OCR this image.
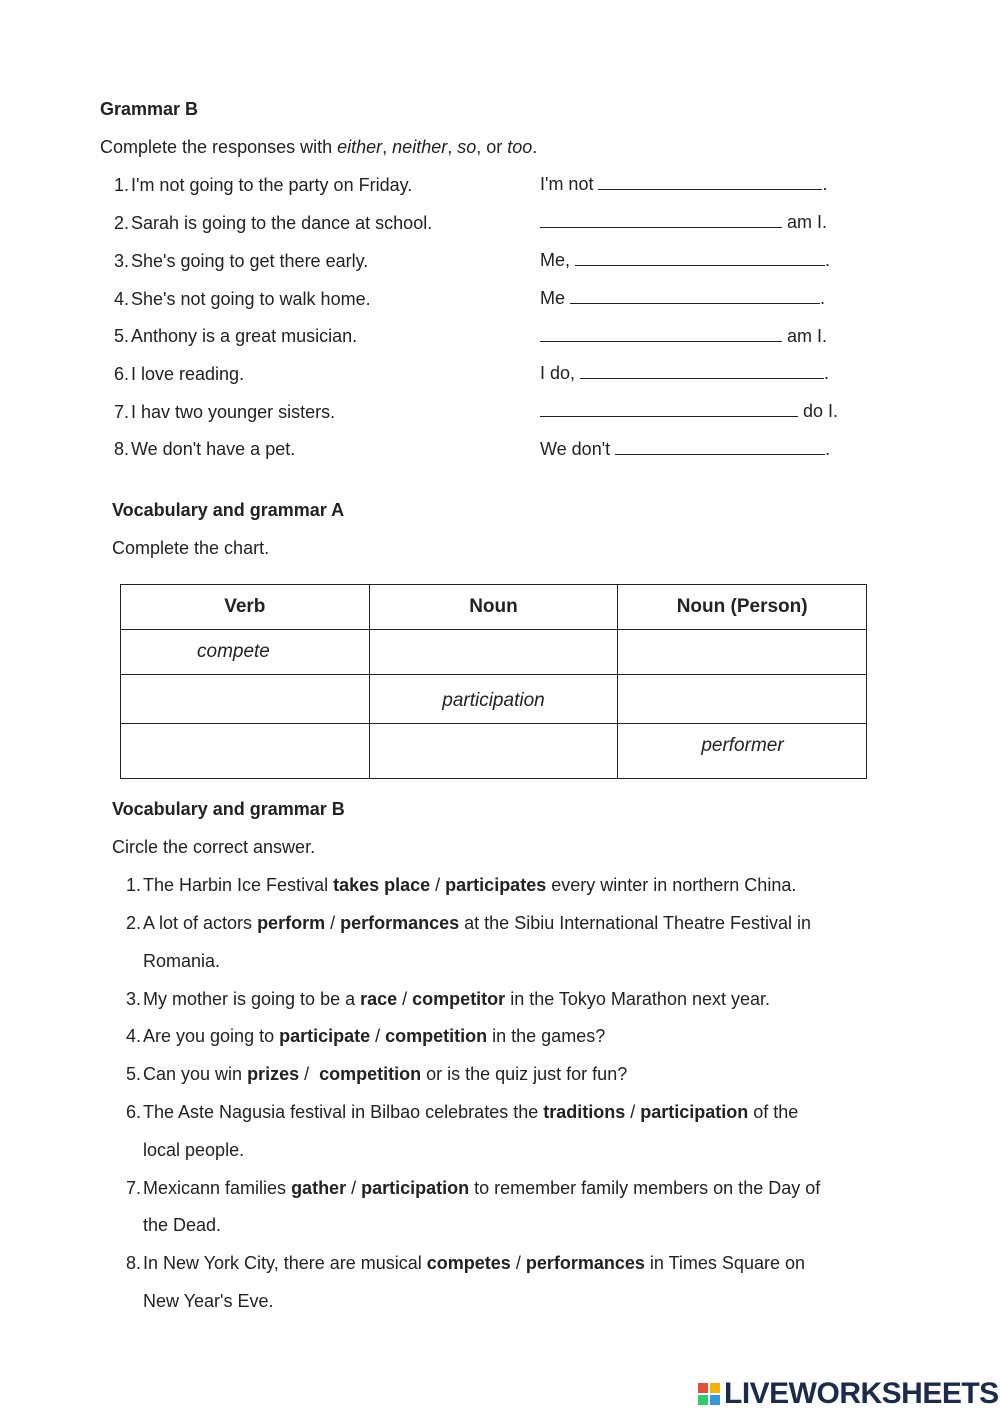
Grammar B
Complete the responses with either, neither, so, or too.
1. I'm not going to the party on Friday.	I'm not	.
2. Sarah is going to the dance at school.	am I.
3. She's going to get there early.	Me,	.
4. She's not going to walk home.	Me	.
5. Anthony is a great musician.	am I.
6. I love reading.	I do,	.
7. I hav two younger sisters.	do I.
8. We don't have a pet.	We don't	.
Vocabulary and grammar A
Complete the chart.
Verb	Noun	Noun (Person)
compete		
	participation	
		performer
Vocabulary and grammar B
Circle the correct answer.
1. The Harbin Ice Festival takes place / participates every winter in northern China.
2. A lot of actors perform / performances at the Sibiu International Theatre Festival in
Romania.
3. My mother is going to be a race / competitor in the Tokyo Marathon next year.
4. Are you going to participate / competition in the games?
5. Can you win prizes /  competition or is the quiz just for fun?
6. The Aste Nagusia festival in Bilbao celebrates the traditions / participation of the
local people.
7. Mexicann families gather / participation to remember family members on the Day of
the Dead.
8. In New York City, there are musical competes / performances in Times Square on
New Year's Eve.
LIVEWORKSHEETS
